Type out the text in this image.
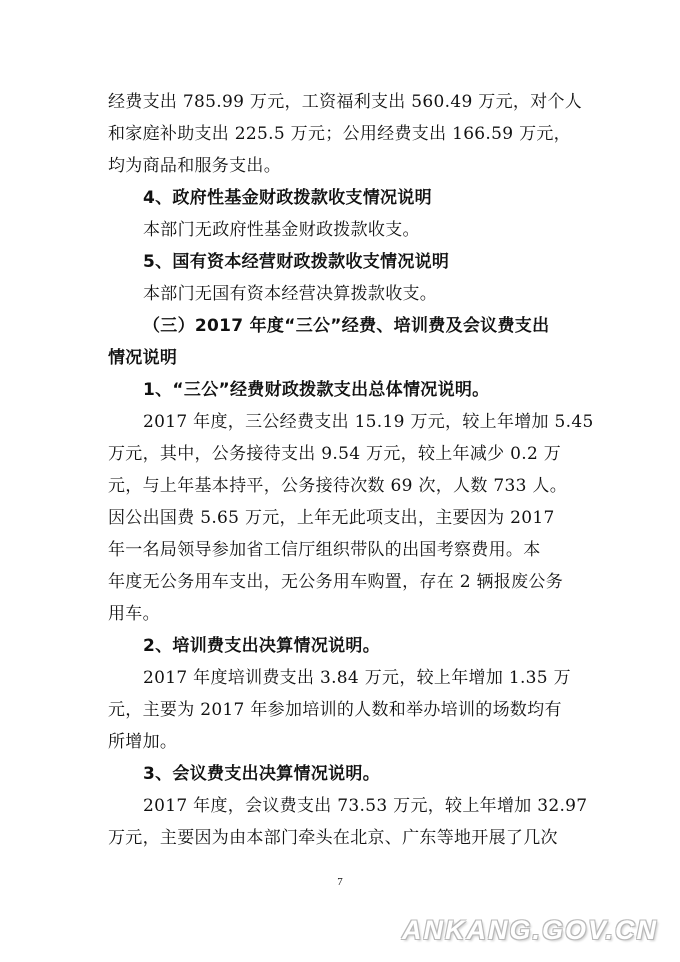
经费支出 785.99 万元，工资福利支出 560.49 万元，对个人
和家庭补助支出 225.5 万元；公用经费支出 166.59 万元，
均为商品和服务支出。
4、政府性基金财政拨款收支情况说明
本部门无政府性基金财政拨款收支。
5、国有资本经营财政拨款收支情况说明
本部门无国有资本经营决算拨款收支。
（三）2017 年度“三公”经费、培训费及会议费支出
情况说明
1、“三公”经费财政拨款支出总体情况说明。
2017 年度，三公经费支出 15.19 万元，较上年增加 5.45
万元，其中，公务接待支出 9.54 万元，较上年减少 0.2 万
元，与上年基本持平，公务接待次数 69 次，人数 733 人。
因公出国费 5.65 万元，上年无此项支出，主要因为 2017
年一名局领导参加省工信厅组织带队的出国考察费用。本
年度无公务用车支出，无公务用车购置，存在 2 辆报废公务
用车。
2、培训费支出决算情况说明。
2017 年度培训费支出 3.84 万元，较上年增加 1.35 万
元，主要为 2017 年参加培训的人数和举办培训的场数均有
所增加。
3、会议费支出决算情况说明。
2017 年度，会议费支出 73.53 万元，较上年增加 32.97
万元，主要因为由本部门牵头在北京、广东等地开展了几次
7
ANKANG.GOV.CN
